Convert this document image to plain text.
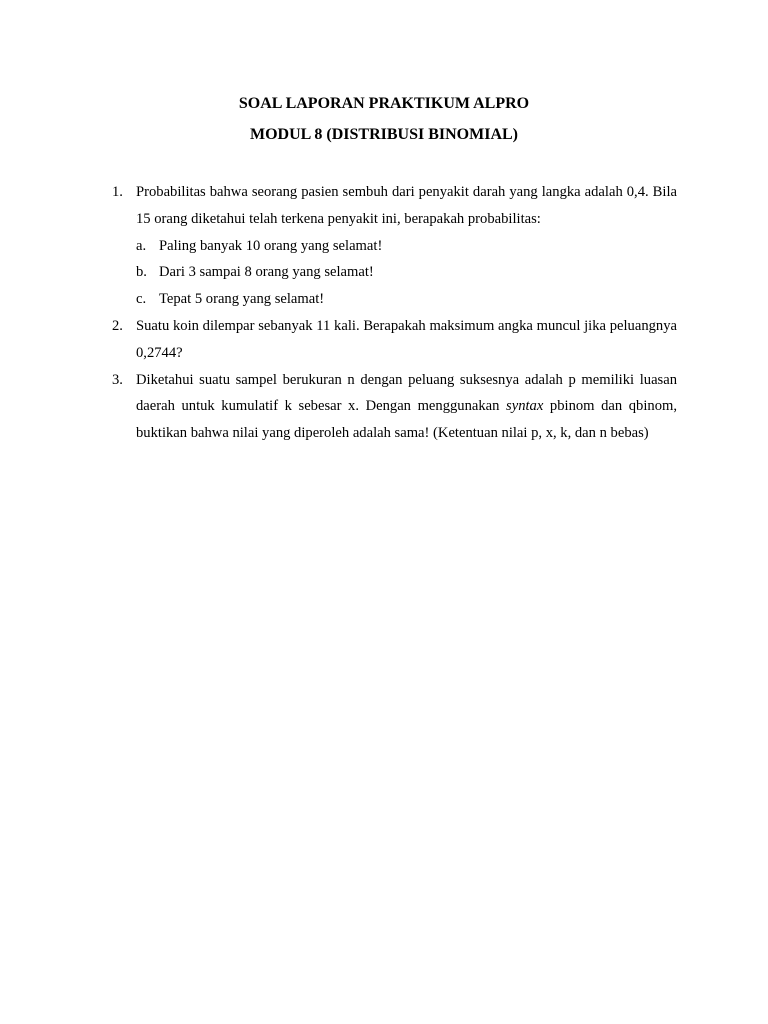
SOAL LAPORAN PRAKTIKUM ALPRO
MODUL 8 (DISTRIBUSI BINOMIAL)
1. Probabilitas bahwa seorang pasien sembuh dari penyakit darah yang langka adalah 0,4. Bila 15 orang diketahui telah terkena penyakit ini, berapakah probabilitas:
a. Paling banyak 10 orang yang selamat!
b. Dari 3 sampai 8 orang yang selamat!
c. Tepat 5 orang yang selamat!
2. Suatu koin dilempar sebanyak 11 kali. Berapakah maksimum angka muncul jika peluangnya 0,2744?
3. Diketahui suatu sampel berukuran n dengan peluang suksesnya adalah p memiliki luasan daerah untuk kumulatif k sebesar x. Dengan menggunakan syntax pbinom dan qbinom, buktikan bahwa nilai yang diperoleh adalah sama! (Ketentuan nilai p, x, k, dan n bebas)
